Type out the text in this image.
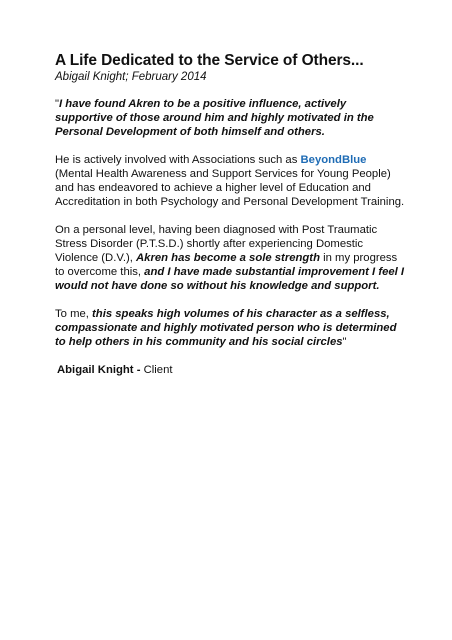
A Life Dedicated to the Service of Others...
Abigail Knight; February 2014

"I have found Akren to be a positive influence, actively supportive of those around him and highly motivated in the Personal Development of both himself and others.

He is actively involved with Associations such as BeyondBlue (Mental Health Awareness and Support Services for Young People) and has endeavored to achieve a higher level of Education and Accreditation in both Psychology and Personal Development Training.

On a personal level, having been diagnosed with Post Traumatic Stress Disorder (P.T.S.D.) shortly after experiencing Domestic Violence (D.V.), Akren has become a sole strength in my progress to overcome this, and I have made substantial improvement I feel I would not have done so without his knowledge and support.

To me, this speaks high volumes of his character as a selfless, compassionate and highly motivated person who is determined to help others in his community and his social circles"

Abigail Knight - Client
